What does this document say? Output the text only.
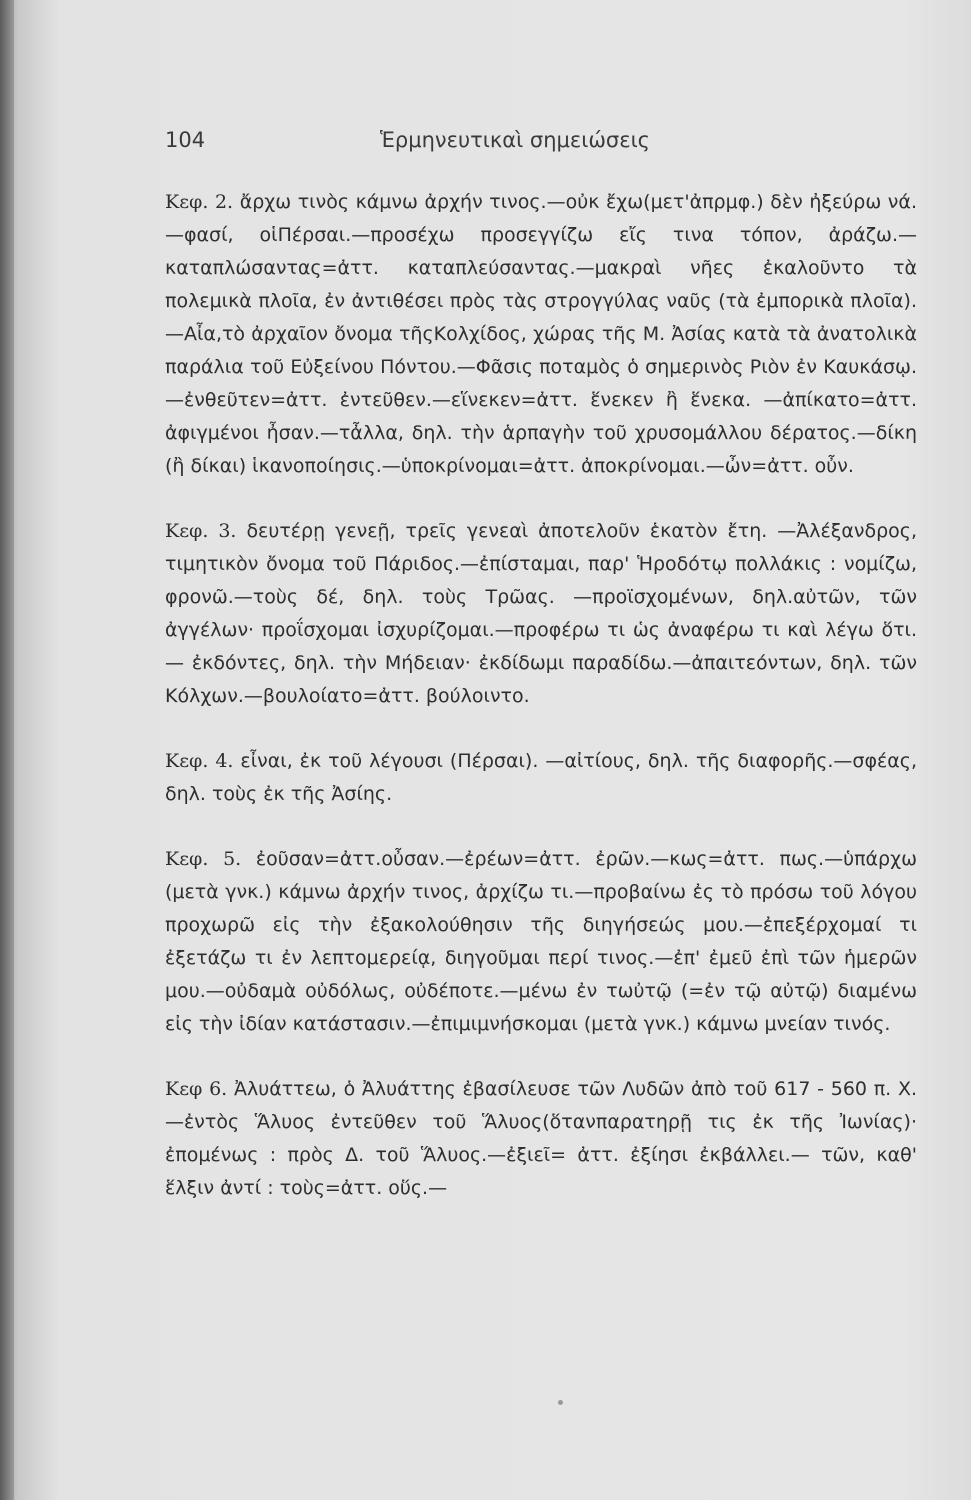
104	Ἑρμηνευτικαὶ σημειώσεις

Κεφ. 2. ἄρχω τινὸς κάμνω ἀρχήν τινος.—οὐκ ἔχω(μετ'ἀπρμφ.) δὲν ἠξεύρω νά.—φασί, οἱΠέρσαι.—προσέχω προσεγγίζω εἴς τινα τόπον, ἀράζω.—καταπλώσαντας=ἀττ. καταπλεύσαντας.—μακραὶ νῆες ἐκαλοῦντο τὰ πολεμικὰ πλοῖα, ἐν ἀντιθέσει πρὸς τὰς στρογγύλας ναῦς (τὰ ἐμπορικὰ πλοῖα).—Αἶα,τὸ ἀρχαῖον ὄνομα τῆςΚολχίδος, χώρας τῆς Μ. Ἀσίας κατὰ τὰ ἀνατολικὰ παράλια τοῦ Εὐξείνου Πόντου.—Φᾶσις ποταμὸς ὁ σημερινὸς Ριὸν ἐν Καυκάσῳ.—ἐνθεῦτεν=ἀττ. ἐντεῦθεν.—εἵνεκεν=ἀττ. ἕνεκεν ἢ ἕνεκα. —ἀπίκατο=ἀττ. ἀφιγμένοι ἦσαν.—τἆλλα, δηλ. τὴν ἁρπαγὴν τοῦ χρυσομάλλου δέρατος.—δίκη (ἢ δίκαι) ἱκανοποίησις.—ὑποκρίνομαι=ἀττ. ἀποκρίνομαι.—ὦν=ἀττ. οὖν.

Κεφ. 3. δευτέρῃ γενεῇ, τρεῖς γενεαὶ ἀποτελοῦν ἑκατὸν ἔτη. —Ἀλέξανδρος, τιμητικὸν ὄνομα τοῦ Πάριδος.—ἐπίσταμαι, παρ' Ἡροδότῳ πολλάκις : νομίζω, φρονῶ.—τοὺς δέ, δηλ. τοὺς Τρῶας. —προϊσχομένων, δηλ.αὐτῶν, τῶν ἀγγέλων· προΐσχομαι ἰσχυρίζομαι.—προφέρω τι ὡς ἀναφέρω τι καὶ λέγω ὅτι.— ἐκδόντες, δηλ. τὴν Μήδειαν· ἐκδίδωμι παραδίδω.—ἀπαιτεόντων, δηλ. τῶν Κόλχων.—βουλοίατο=ἀττ. βούλοιντο.

Κεφ. 4. εἶναι, ἐκ τοῦ λέγουσι (Πέρσαι). —αἰτίους, δηλ. τῆς διαφορῆς.—σφέας, δηλ. τοὺς ἐκ τῆς Ἀσίης.

Κεφ. 5. ἐοῦσαν=ἀττ.οὖσαν.—ἐρέων=ἀττ. ἐρῶν.—κως=ἀττ. πως.—ὑπάρχω (μετὰ γνκ.) κάμνω ἀρχήν τινος, ἀρχίζω τι.—προβαίνω ἐς τὸ πρόσω τοῦ λόγου προχωρῶ εἰς τὴν ἐξακολούθησιν τῆς διηγήσεώς μου.—ἐπεξέρχομαί τι ἐξετάζω τι ἐν λεπτομερείᾳ, διηγοῦμαι περί τινος.—ἐπ' ἐμεῦ ἐπὶ τῶν ἡμερῶν μου.—οὐδαμὰ οὐδόλως, οὐδέποτε.—μένω ἐν τωὐτῷ (=ἐν τῷ αὐτῷ) διαμένω εἰς τὴν ἰδίαν κατάστασιν.—ἐπιμιμνήσκομαι (μετὰ γνκ.) κάμνω μνείαν τινός.

Κεφ 6. Ἀλυάττεω, ὁ Ἀλυάττης ἐβασίλευσε τῶν Λυδῶν ἀπὸ τοῦ 617 - 560 π. Χ.—ἐντὸς Ἅλυος ἐντεῦθεν τοῦ Ἅλυος(ὅτανπαρατηρῇ τις ἐκ τῆς Ἰωνίας)· ἐπομένως : πρὸς Δ. τοῦ Ἅλυος.—ἐξιεῖ= ἀττ. ἐξίησι ἐκβάλλει.— τῶν, καθ' ἕλξιν ἀντί : τοὺς=ἀττ. οὕς.—
